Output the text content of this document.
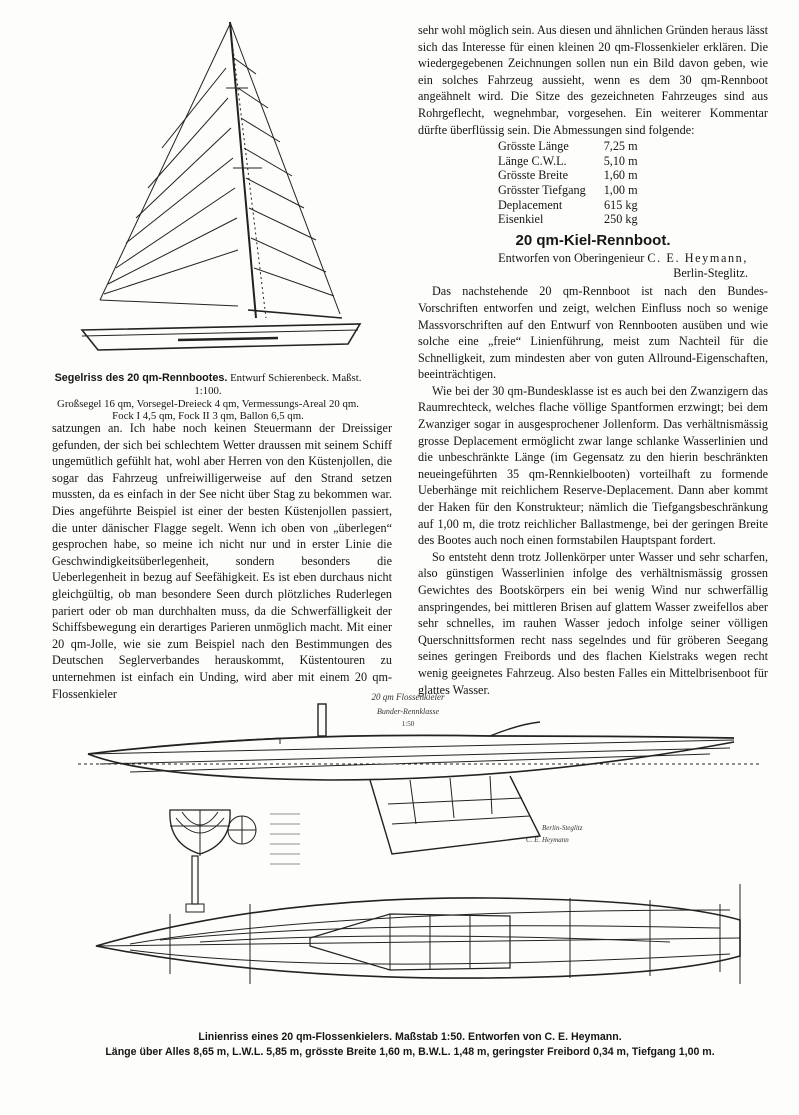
Segelriss des 20 qm-Rennbootes. Entwurf Schierenbeck. Maßst. 1:100.
Großsegel 16 qm, Vorsegel-Dreieck 4 qm, Vermessungs-Areal 20 qm.
Fock I 4,5 qm, Fock II 3 qm, Ballon 6,5 qm.

satzungen an. Ich habe noch keinen Steuermann der Dreissiger gefunden, der sich bei schlechtem Wetter draussen mit seinem Schiff ungemütlich gefühlt hat, wohl aber Herren von den Küstenjollen, die sogar das Fahrzeug unfreiwilligerweise auf den Strand setzen mussten, da es einfach in der See nicht über Stag zu bekommen war. Dies angeführte Beispiel ist einer der besten Küstenjollen passiert, die unter dänischer Flagge segelt. Wenn ich oben von „überlegen“ gesprochen habe, so meine ich nicht nur und in erster Linie die Geschwindigkeitsüberlegenheit, sondern besonders die Ueberlegenheit in bezug auf Seefähigkeit. Es ist eben durchaus nicht gleichgültig, ob man besondere Seen durch plötzliches Ruderlegen pariert oder ob man durchhalten muss, da die Schwerfälligkeit der Schiffsbewegung ein derartiges Parieren unmöglich macht. Mit einer 20 qm-Jolle, wie sie zum Beispiel nach den Bestimmungen des Deutschen Seglerverbandes herauskommt, Küstentouren zu unternehmen ist einfach ein Unding, wird aber mit einem 20 qm-Flossenkieler

sehr wohl möglich sein. Aus diesen und ähnlichen Gründen heraus lässt sich das Interesse für einen kleinen 20 qm-Flossenkieler erklären. Die wiedergegebenen Zeichnungen sollen nun ein Bild davon geben, wie ein solches Fahrzeug aussieht, wenn es dem 30 qm-Rennboot angeähnelt wird. Die Sitze des gezeichneten Fahrzeuges sind aus Rohrgeflecht, wegnehmbar, vorgesehen. Ein weiterer Kommentar dürfte überflüssig sein. Die Abmessungen sind folgende:

Grösste Länge	7,25 m
Länge C.W.L.	5,10 m
Grösste Breite	1,60 m
Grösster Tiefgang	1,00 m
Deplacement	615 kg
Eisenkiel	250 kg
20 qm-Kiel-Rennboot.
Entworfen von Oberingenieur C. E. Heymann,
Berlin-Steglitz.

Das nachstehende 20 qm-Rennboot ist nach den Bundes-Vorschriften entworfen und zeigt, welchen Einfluss noch so wenige Massvorschriften auf den Entwurf von Rennbooten ausüben und wie solche eine „freie“ Linienführung, meist zum Nachteil für die Schnelligkeit, zum mindesten aber von guten Allround-Eigenschaften, beeinträchtigen.

Wie bei der 30 qm-Bundesklasse ist es auch bei den Zwanzigern das Raumrechteck, welches flache völlige Spantformen erzwingt; bei dem Zwanziger sogar in ausgesprochener Jollenform. Das verhältnismässig grosse Deplacement ermöglicht zwar lange schlanke Wasserlinien und die unbeschränkte Länge (im Gegensatz zu den hierin beschränkten neueingeführten 35 qm-Rennkielbooten) vorteilhaft zu formende Ueberhänge mit reichlichem Reserve-Deplacement. Dann aber kommt der Haken für den Konstrukteur; nämlich die Tiefgangsbeschränkung auf 1,00 m, die trotz reichlicher Ballastmenge, bei der geringen Breite des Bootes auch noch einen formstabilen Hauptspant fordert.

So entsteht denn trotz Jollenkörper unter Wasser und sehr scharfen, also günstigen Wasserlinien infolge des verhältnismässig grossen Gewichtes des Bootskörpers ein bei wenig Wind nur schwerfällig anspringendes, bei mittleren Brisen auf glattem Wasser zweifellos aber sehr schnelles, im rauhen Wasser jedoch infolge seiner völligen Querschnittsformen recht nass segelndes und für gröberen Seegang seines geringen Freibords und des flachen Kielstraks wegen recht wenig geeignetes Fahrzeug. Also besten Falles ein Mittelbrisenboot für glattes Wasser.

20 qm Flossenkieler
Bunder-Rennklasse
1:50
Berlin-Steglitz
C. E. Heymann
Linienriss eines 20 qm-Flossenkielers. Maßstab 1:50. Entworfen von C. E. Heymann.
Länge über Alles 8,65 m, L.W.L. 5,85 m, grösste Breite 1,60 m, B.W.L. 1,48 m, geringster Freibord 0,34 m, Tiefgang 1,00 m.
